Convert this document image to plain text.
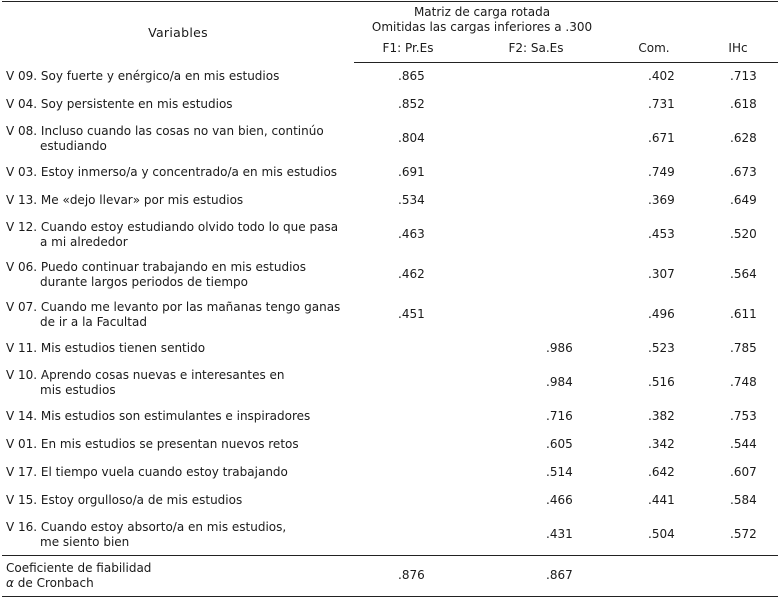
Variables	Matriz de carga rotada
Omitidas las cargas inferiores a .300			
	F1: Pr.Es	F2: Sa.Es	Com.	IHc

V 09. Soy fuerte y enérgico/a en mis estudios	.865		.402	.713

V 04. Soy persistente en mis estudios	.852		.731	.618

V 08. Incluso cuando las cosas no van bien, continúo
estudiando	.804		.671	.628

V 03. Estoy inmerso/a y concentrado/a en mis estudios	.691		.749	.673

V 13. Me «dejo llevar» por mis estudios	.534		.369	.649

V 12. Cuando estoy estudiando olvido todo lo que pasa
a mi alrededor	.463		.453	.520

V 06. Puedo continuar trabajando en mis estudios
durante largos periodos de tiempo	.462		.307	.564

V 07. Cuando me levanto por las mañanas tengo ganas
de ir a la Facultad	.451		.496	.611

V 11. Mis estudios tienen sentido		.986	.523	.785

V 10. Aprendo cosas nuevas e interesantes en
mis estudios		.984	.516	.748

V 14. Mis estudios son estimulantes e inspiradores		.716	.382	.753

V 01. En mis estudios se presentan nuevos retos		.605	.342	.544

V 17. El tiempo vuela cuando estoy trabajando		.514	.642	.607

V 15. Estoy orgulloso/a de mis estudios		.466	.441	.584

V 16. Cuando estoy absorto/a en mis estudios,
me siento bien		.431	.504	.572

Coeficiente de fiabilidad
α de Cronbach	.876	.867		
